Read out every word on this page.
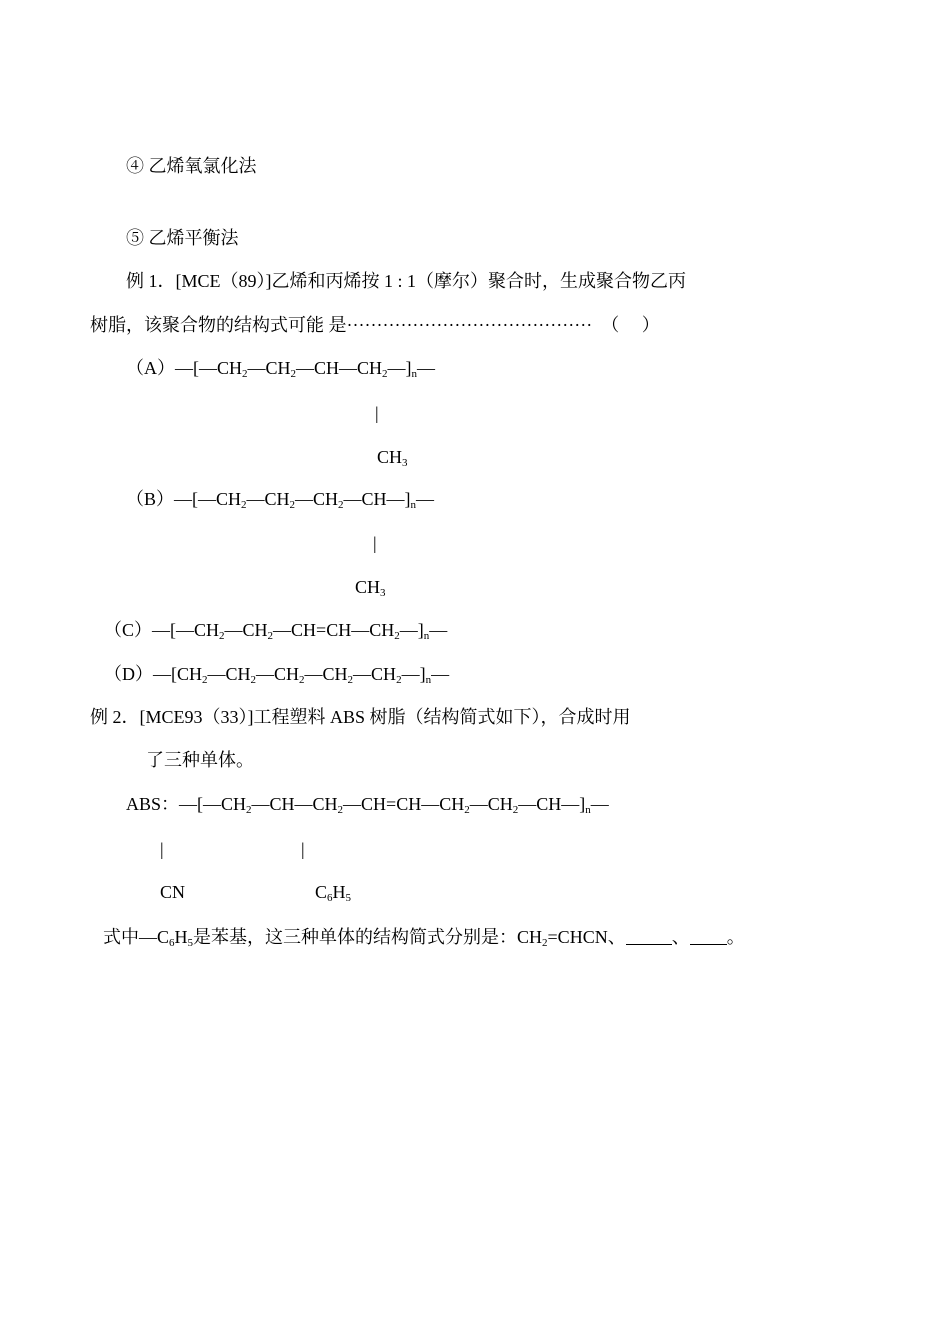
④ 乙烯氧氯化法
⑤ 乙烯平衡法
例 1．[MCE（89）]乙烯和丙烯按 1 : 1（摩尔）聚合时，生成聚合物乙丙
树脂，该聚合物的结构式可能 是·········································  （     ）
$(A)—[—CH_2—CH_2—CH—CH_2—]_n—$
|
$CH_3$
$(B)—[—CH_2—CH_2—CH_2—CH—]_n—$
|
$CH_3$
$(C)—[—CH_2—CH_2—CH=CH—CH_2—]_n—$
$(D)—[CH_2—CH_2—CH_2—CH_2—CH_2—]_n—$
例 2．[MCE93（33）]工程塑料 ABS 树脂（结构简式如下），合成时用
了三种单体。
ABS：$—[—CH_2—CH—CH_2—CH=CH—CH_2—CH_2—CH—]_n—$
|	|
CN	$C_6H_5$
式中$—C_6H_5$是苯基，这三种单体的结构简式分别是：$CH_2=CHCN$、	、 。
